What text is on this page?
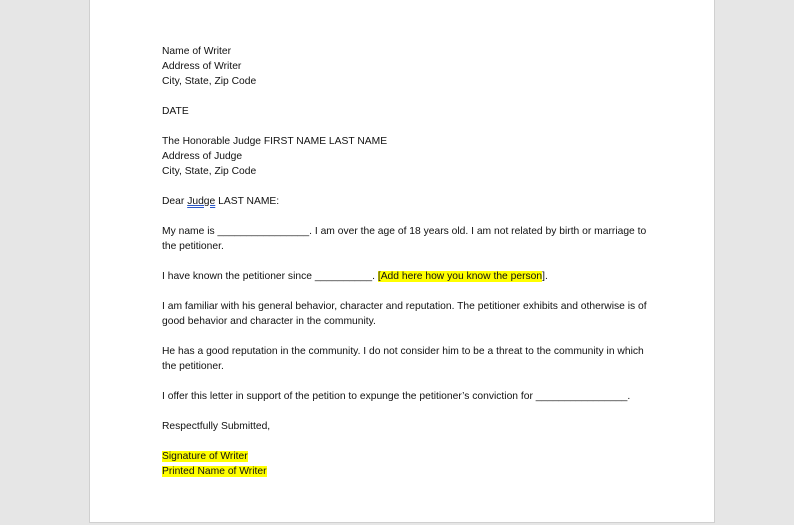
Name of Writer
Address of Writer
City, State, Zip Code
DATE
The Honorable Judge FIRST NAME LAST NAME
Address of Judge
City, State, Zip Code
Dear Judge LAST NAME:

My name is ________________. I am over the age of 18 years old. I am not related by birth or marriage to the petitioner.

I have known the petitioner since __________. [Add here how you know the person].

I am familiar with his general behavior, character and reputation. The petitioner exhibits and otherwise is of good behavior and character in the community.

He has a good reputation in the community. I do not consider him to be a threat to the community in which the petitioner.

I offer this letter in support of the petition to expunge the petitioner’s conviction for ________________.

Respectfully Submitted,
Signature of Writer
Printed Name of Writer
